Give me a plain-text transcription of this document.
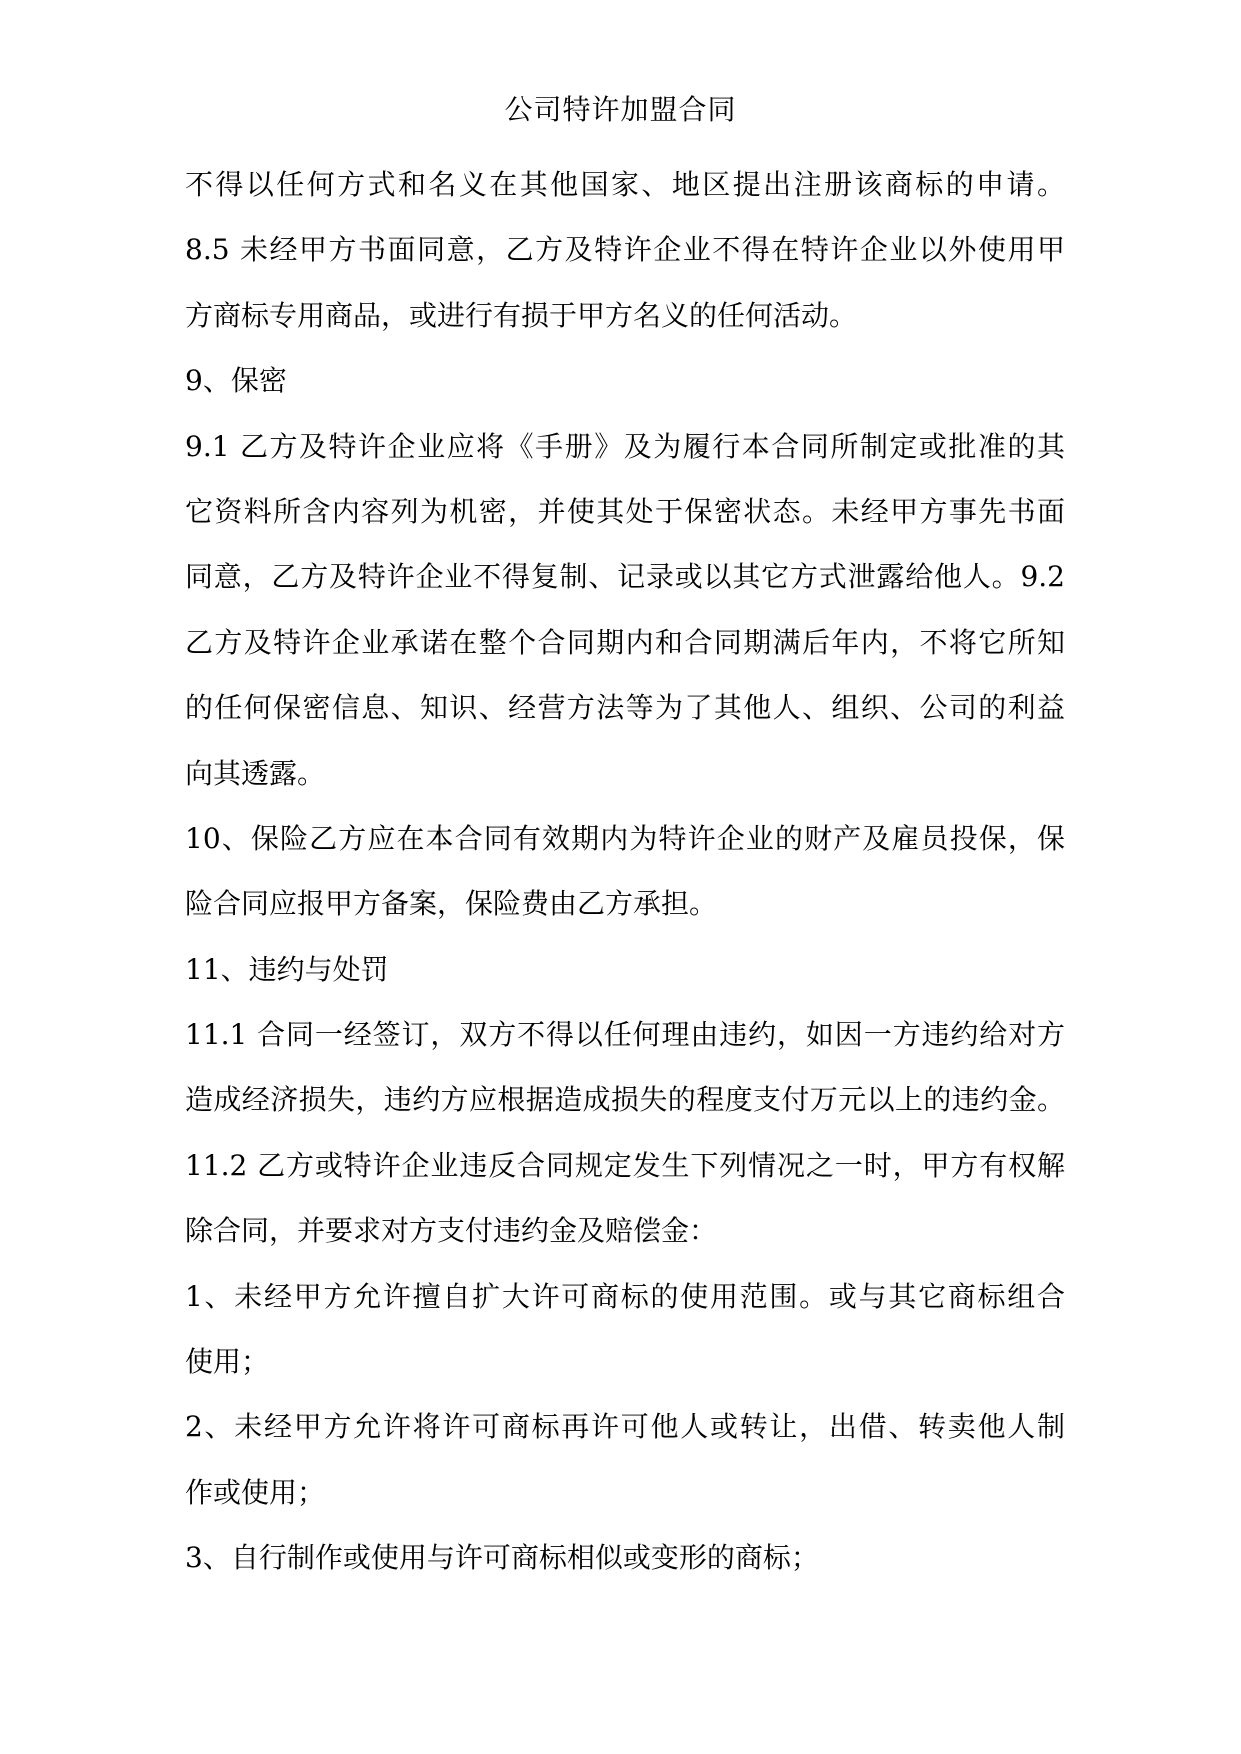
公司特许加盟合同
不得以任何方式和名义在其他国家、地区提出注册该商标的申请。
8.5 未经甲方书面同意，乙方及特许企业不得在特许企业以外使用甲
方商标专用商品，或进行有损于甲方名义的任何活动。
9、保密
9.1 乙方及特许企业应将《手册》及为履行本合同所制定或批准的其
它资料所含内容列为机密，并使其处于保密状态。未经甲方事先书面
同意，乙方及特许企业不得复制、记录或以其它方式泄露给他人。9.2
乙方及特许企业承诺在整个合同期内和合同期满后年内，不将它所知
的任何保密信息、知识、经营方法等为了其他人、组织、公司的利益
向其透露。
10、保险乙方应在本合同有效期内为特许企业的财产及雇员投保，保
险合同应报甲方备案，保险费由乙方承担。
11、违约与处罚
11.1 合同一经签订，双方不得以任何理由违约，如因一方违约给对方
造成经济损失，违约方应根据造成损失的程度支付万元以上的违约金。
11.2 乙方或特许企业违反合同规定发生下列情况之一时，甲方有权解
除合同，并要求对方支付违约金及赔偿金：
1、未经甲方允许擅自扩大许可商标的使用范围。或与其它商标组合
使用；
2、未经甲方允许将许可商标再许可他人或转让，出借、转卖他人制
作或使用；
3、自行制作或使用与许可商标相似或变形的商标；
